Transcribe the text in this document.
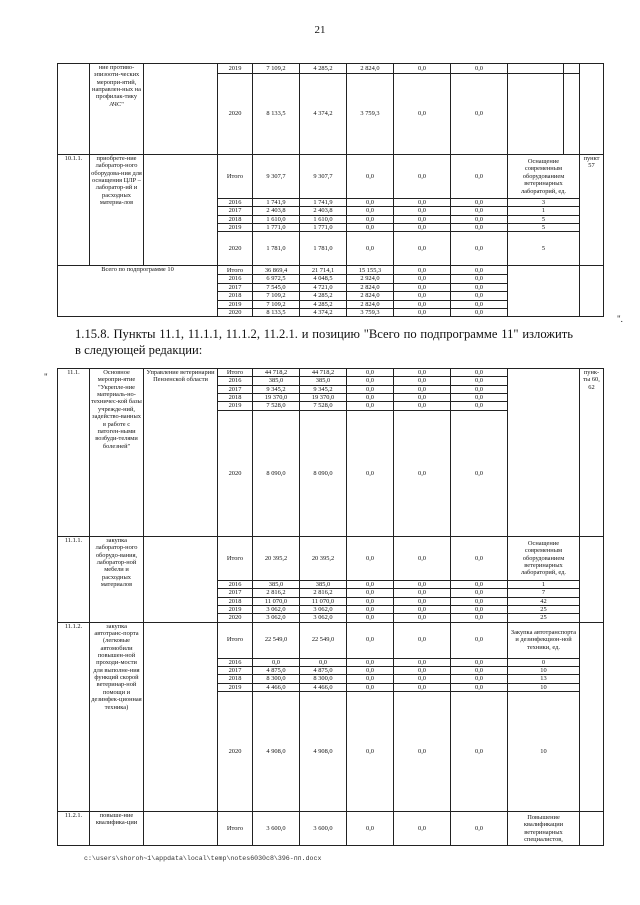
21
	ние противо-эпизооти-ческих меропри-ятий, направлен-ных на профилак-тику АЧС"		2019	7 109,2	4 285,2	2 824,0	0,0	0,0			
			2020	8 133,5	4 374,2	3 759,3	0,0	0,0			
10.1.1.	приобрете-ние лаборатор-ного оборудова-ния для оснащения ЦЛР – лаборатор-ий и расходных материа-лов		Итого	9 307,7	9 307,7	0,0	0,0	0,0	Оснащение современным оборудованием ветеринарных лабораторий, ед.		пункт 57
			2016	1 741,9	1 741,9	0,0	0,0	0,0	3		
			2017	2 403,8	2 403,8	0,0	0,0	0,0	1		
			2018	1 610,0	1 610,0	0,0	0,0	0,0	5		
			2019	1 771,0	1 771,0	0,0	0,0	0,0	5		
			2020	1 781,0	1 781,0	0,0	0,0	0,0	5		
Всего по подпрограмме 10			Итого	36 869,4	21 714,1	15 155,3	0,0	0,0			
			2016	6 972,5	4 048,5	2 924,0	0,0	0,0			
			2017	7 545,0	4 721,0	2 824,0	0,0	0,0			
			2018	7 109,2	4 285,2	2 824,0	0,0	0,0			
			2019	7 109,2	4 285,2	2 824,0	0,0	0,0			
			2020	8 133,5	4 374,2	3 759,3	0,0	0,0			
".
1.15.8. Пункты 11.1, 11.1.1, 11.1.2, 11.2.1. и позицию "Всего по подпрограмме 11" изложить в следующей редакции:
"	11.1.	Основное меропри-ятие "Укрепле-ние материаль-но-техничес-кой базы учрежде-ний, задейство-ванных в работе с патоген-ными возбуди-телями болезней"	Управление ветеринарии Пензенской области	Итого	44 718,2	44 718,2	0,0	0,0	0,0		пунк-ты 60, 62
			2016	385,0	385,0	0,0	0,0	0,0		
			2017	9 345,2	9 345,2	0,0	0,0	0,0		
			2018	19 370,0	19 370,0	0,0	0,0	0,0		
			2019	7 528,0	7 528,0	0,0	0,0	0,0		
			2020	8 090,0	8 090,0	0,0	0,0	0,0		
11.1.1.	закупка лаборатор-ного оборудо-вания, лаборатор-ной мебели и расходных материалов		Итого	20 395,2	20 395,2	0,0	0,0	0,0	Оснащение современным оборудованием ветеринарных лабораторий, ед.	
			2016	385,0	385,0	0,0	0,0	0,0	1	
			2017	2 816,2	2 816,2	0,0	0,0	0,0	7	
			2018	11 070,0	11 070,0	0,0	0,0	0,0	42	
			2019	3 062,0	3 062,0	0,0	0,0	0,0	25	
			2020	3 062,0	3 062,0	0,0	0,0	0,0	25	
11.1.2.	закупка автотранс-порта (легковые автомобили повышен-ной проходи-мости для выполне-ния функций скорой ветеринар-ной помощи и дезинфек-ционная техника)		Итого	22 549,0	22 549,0	0,0	0,0	0,0	Закупка автотранспорта и дезинфекцион-ной техники, ед.	
			2016	0,0	0,0	0,0	0,0	0,0	0	
			2017	4 875,0	4 875,0	0,0	0,0	0,0	10	
			2018	8 300,0	8 300,0	0,0	0,0	0,0	13	
			2019	4 466,0	4 466,0	0,0	0,0	0,0	10	
			2020	4 908,0	4 908,0	0,0	0,0	0,0	10	
11.2.1.	повыше-ние квалифика-ции		Итого	3 600,0	3 600,0	0,0	0,0	0,0	Повышение квалификации ветеринарных специалистов,	
c:\users\shoroh~1\appdata\local\temp\notes6030c8\396-пп.docx
